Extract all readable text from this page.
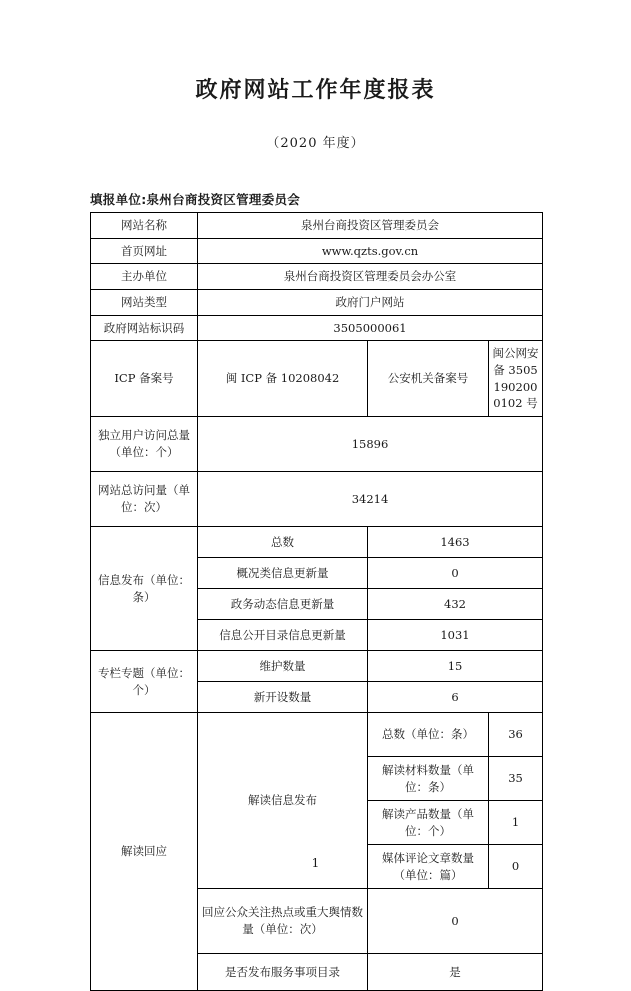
政府网站工作年度报表

（2020 年度）

填报单位:泉州台商投资区管理委员会
网站名称	泉州台商投资区管理委员会		
首页网址	www.qzts.gov.cn		
主办单位	泉州台商投资区管理委员会办公室		
网站类型	政府门户网站		
政府网站标识码	3505000061		
ICP 备案号	闽 ICP 备 10208042	公安机关备案号	闽公网安备 35051902000102 号
独立用户访问总量（单位：个）	15896		
网站总访问量（单位：次）	34214		
信息发布（单位：条）	总数	1463	
	概况类信息更新量	0	
	政务动态信息更新量	432	
	信息公开目录信息更新量	1031	
专栏专题（单位：个）	维护数量	15	
	新开设数量	6	
解读回应	解读信息发布	总数（单位：条）	36
		解读材料数量（单位：条）	35
		解读产品数量（单位：个）	1
		媒体评论文章数量（单位：篇）	0
	回应公众关注热点或重大舆情数量（单位：次）	0	
	是否发布服务事项目录	是	
1
